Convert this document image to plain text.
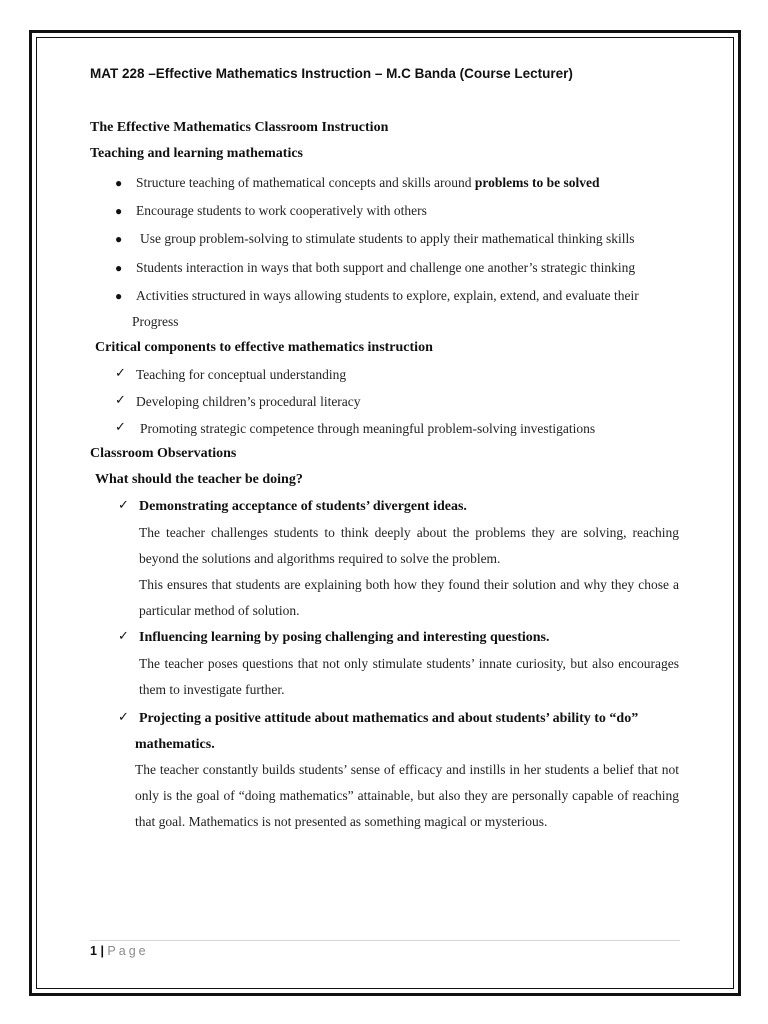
MAT 228 –Effective Mathematics Instruction – M.C Banda (Course Lecturer)
The Effective Mathematics Classroom Instruction
Teaching and learning mathematics
● Structure teaching of mathematical concepts and skills around problems to be solved
● Encourage students to work cooperatively with others
● Use group problem-solving to stimulate students to apply their mathematical thinking skills
● Students interaction in ways that both support and challenge one another’s strategic thinking
● Activities structured in ways allowing students to explore, explain, extend, and evaluate their
Progress
Critical components to effective mathematics instruction
✓ Teaching for conceptual understanding
✓ Developing children’s procedural literacy
✓ Promoting strategic competence through meaningful problem-solving investigations
Classroom Observations
What should the teacher be doing?
✓ Demonstrating acceptance of students’ divergent ideas.
The teacher challenges students to think deeply about the problems they are solving, reaching beyond the solutions and algorithms required to solve the problem.
This ensures that students are explaining both how they found their solution and why they chose a particular method of solution.
✓ Influencing learning by posing challenging and interesting questions.
The teacher poses questions that not only stimulate students’ innate curiosity, but also encourages them to investigate further.
✓ Projecting a positive attitude about mathematics and about students’ ability to “do”
mathematics.
The teacher constantly builds students’ sense of efficacy and instills in her students a belief that not only is the goal of “doing mathematics” attainable, but also they are personally capable of reaching that goal. Mathematics is not presented as something magical or mysterious.
1 | Page
